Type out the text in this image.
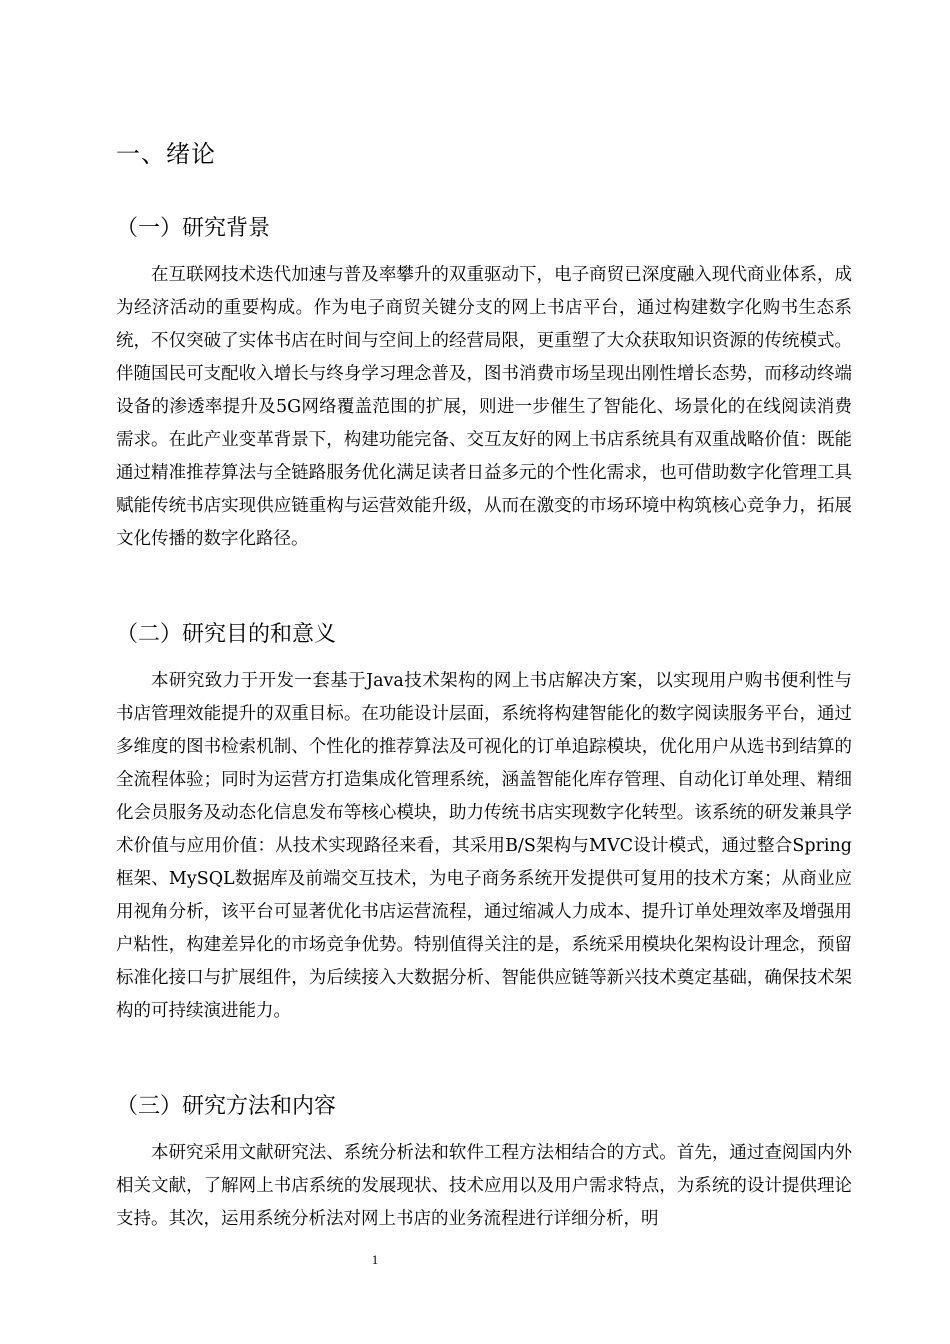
一、绪论
（一）研究背景

在互联网技术迭代加速与普及率攀升的双重驱动下，电子商贸已深度融入现代商业体系，成为经济活动的重要构成。作为电子商贸关键分支的网上书店平台，通过构建数字化购书生态系统，不仅突破了实体书店在时间与空间上的经营局限，更重塑了大众获取知识资源的传统模式。伴随国民可支配收入增长与终身学习理念普及，图书消费市场呈现出刚性增长态势，而移动终端设备的渗透率提升及5G网络覆盖范围的扩展，则进一步催生了智能化、场景化的在线阅读消费需求。在此产业变革背景下，构建功能完备、交互友好的网上书店系统具有双重战略价值：既能通过精准推荐算法与全链路服务优化满足读者日益多元的个性化需求，也可借助数字化管理工具赋能传统书店实现供应链重构与运营效能升级，从而在激变的市场环境中构筑核心竞争力，拓展文化传播的数字化路径。

（二）研究目的和意义

本研究致力于开发一套基于Java技术架构的网上书店解决方案，以实现用户购书便利性与书店管理效能提升的双重目标。在功能设计层面，系统将构建智能化的数字阅读服务平台，通过多维度的图书检索机制、个性化的推荐算法及可视化的订单追踪模块，优化用户从选书到结算的全流程体验；同时为运营方打造集成化管理系统，涵盖智能化库存管理、自动化订单处理、精细化会员服务及动态化信息发布等核心模块，助力传统书店实现数字化转型。该系统的研发兼具学术价值与应用价值：从技术实现路径来看，其采用B/S架构与MVC设计模式，通过整合Spring框架、MySQL数据库及前端交互技术，为电子商务系统开发提供可复用的技术方案；从商业应用视角分析，该平台可显著优化书店运营流程，通过缩减人力成本、提升订单处理效率及增强用户粘性，构建差异化的市场竞争优势。特别值得关注的是，系统采用模块化架构设计理念，预留标准化接口与扩展组件，为后续接入大数据分析、智能供应链等新兴技术奠定基础，确保技术架构的可持续演进能力。

（三）研究方法和内容

本研究采用文献研究法、系统分析法和软件工程方法相结合的方式。首先，通过查阅国内外相关文献，了解网上书店系统的发展现状、技术应用以及用户需求特点，为系统的设计提供理论支持。其次，运用系统分析法对网上书店的业务流程进行详细分析，明

1
